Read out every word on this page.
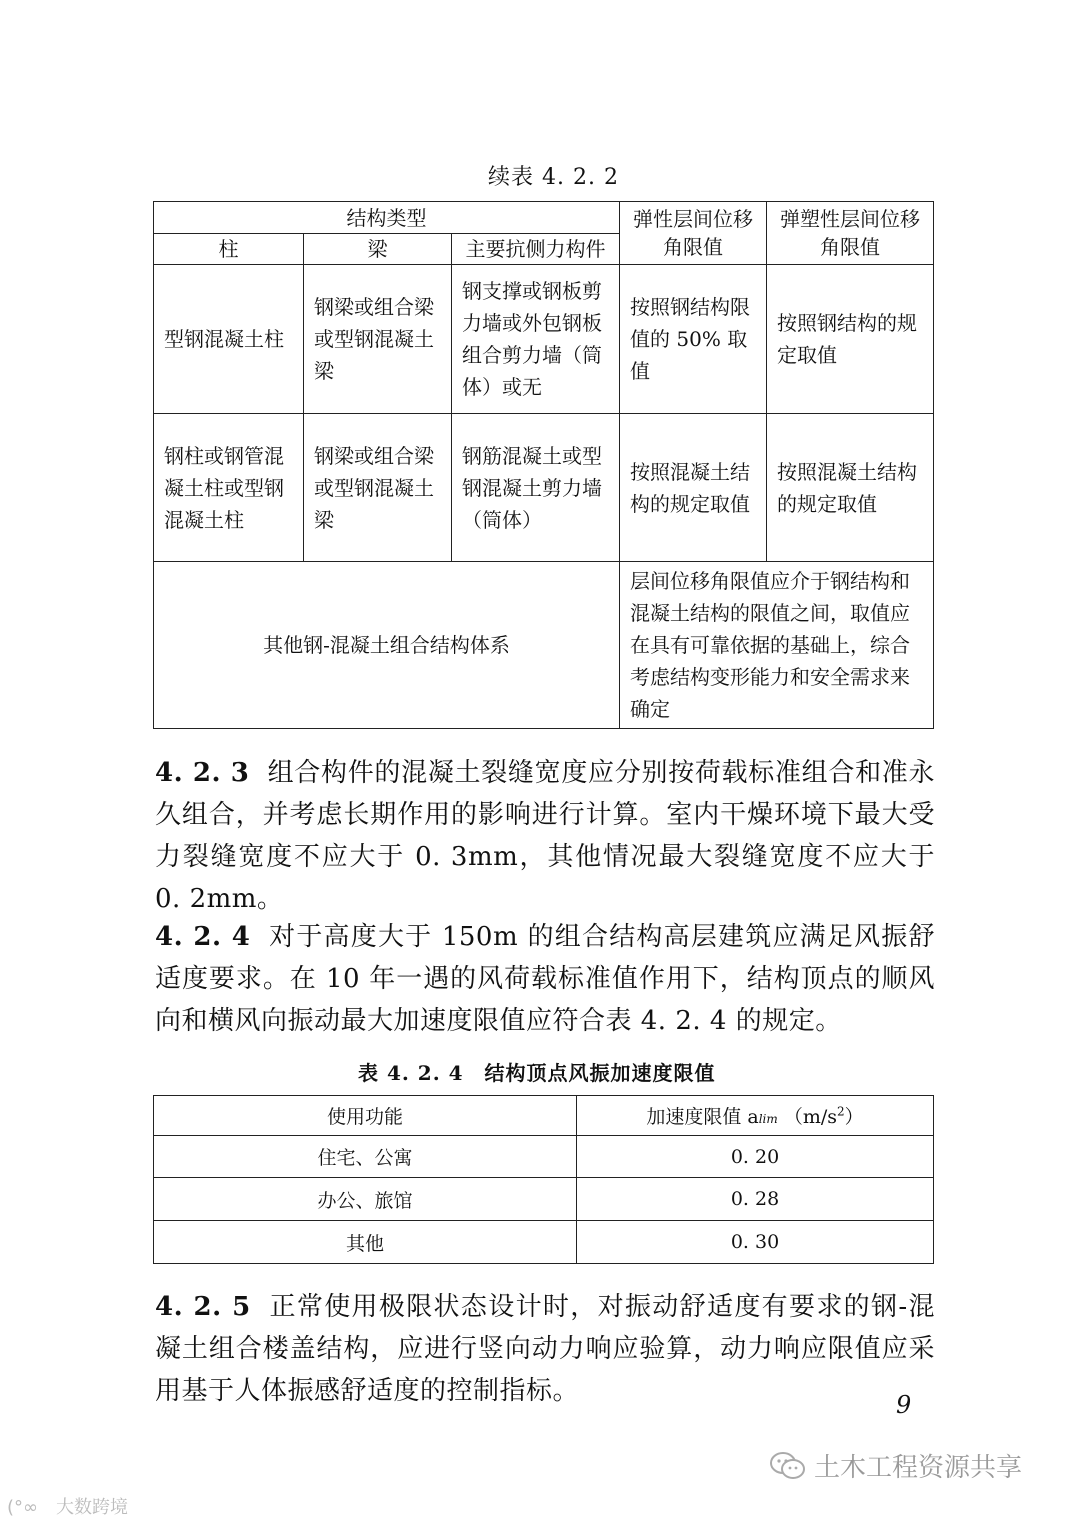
续表 4. 2. 2
结构类型			弹性层间位移角限值	弹塑性层间位移角限值
柱	梁	主要抗侧力构件		
型钢混凝土柱	钢梁或组合梁或型钢混凝土梁	钢支撑或钢板剪力墙或外包钢板组合剪力墙（筒体）或无	按照钢结构限值的 50% 取值	按照钢结构的规定取值
钢柱或钢管混凝土柱或型钢混凝土柱	钢梁或组合梁或型钢混凝土梁	钢筋混凝土或型钢混凝土剪力墙（筒体）	按照混凝土结构的规定取值	按照混凝土结构的规定取值
其他钢-混凝土组合结构体系			层间位移角限值应介于钢结构和混凝土结构的限值之间，取值应在具有可靠依据的基础上，综合考虑结构变形能力和安全需求来确定	
4. 2. 3 组合构件的混凝土裂缝宽度应分别按荷载标准组合和准永久组合，并考虑长期作用的影响进行计算。室内干燥环境下最大受力裂缝宽度不应大于 0. 3mm，其他情况最大裂缝宽度不应大于 0. 2mm。
4. 2. 4 对于高度大于 150m 的组合结构高层建筑应满足风振舒适度要求。在 10 年一遇的风荷载标准值作用下，结构顶点的顺风向和横风向振动最大加速度限值应符合表 4. 2. 4 的规定。
表 4. 2. 4　结构顶点风振加速度限值
使用功能	加速度限值 alim $(m/s^2)$
住宅、公寓	0. 20
办公、旅馆	0. 28
其他	0. 30
4. 2. 5 正常使用极限状态设计时，对振动舒适度有要求的钢-混凝土组合楼盖结构，应进行竖向动力响应验算，动力响应限值应采用基于人体振感舒适度的控制指标。	9
土木工程资源共享
(°∞ 大数跨境
